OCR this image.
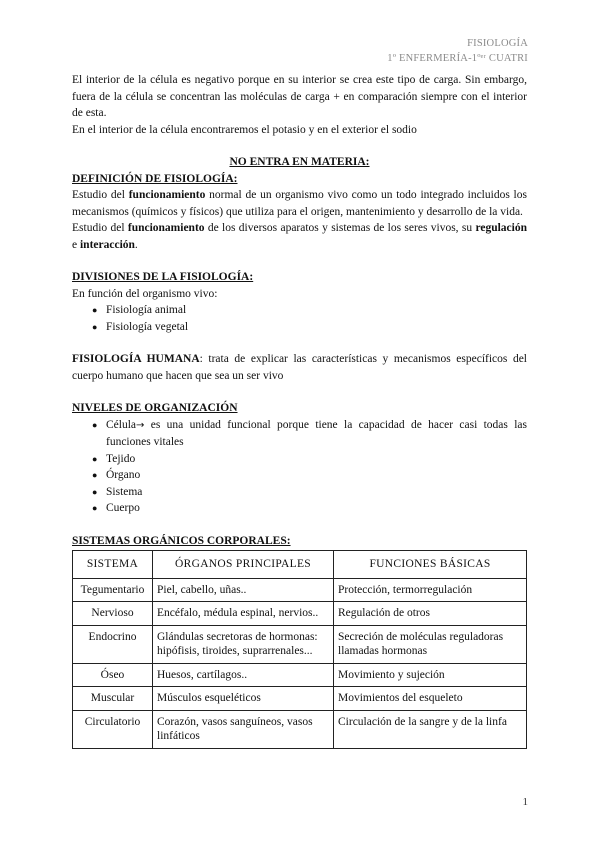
FISIOLOGÍA
1º ENFERMERÍA-1ºᵉʳ CUATRI

El interior de la célula es negativo porque en su interior se crea este tipo de carga. Sin embargo, fuera de la célula se concentran las moléculas de carga + en comparación siempre con el interior de esta.

En el interior de la célula encontraremos el potasio y en el exterior el sodio

NO ENTRA EN MATERIA:
DEFINICIÓN DE FISIOLOGÍA:

Estudio del funcionamiento normal de un organismo vivo como un todo integrado incluidos los mecanismos (químicos y físicos) que utiliza para el origen, mantenimiento y desarrollo de la vida.

Estudio del funcionamiento de los diversos aparatos y sistemas de los seres vivos, su regulación e interacción.

DIVISIONES DE LA FISIOLOGÍA:

En función del organismo vivo:

● Fisiología animal
● Fisiología vegetal

FISIOLOGÍA HUMANA: trata de explicar las características y mecanismos específicos del cuerpo humano que hacen que sea un ser vivo

NIVELES DE ORGANIZACIÓN
● Célula→ es una unidad funcional porque tiene la capacidad de hacer casi todas las funciones vitales
● Tejido
● Órgano
● Sistema
● Cuerpo
SISTEMAS ORGÁNICOS CORPORALES:
SISTEMA	ÓRGANOS PRINCIPALES	FUNCIONES BÁSICAS
Tegumentario	Piel, cabello, uñas..	Protección, termorregulación
Nervioso	Encéfalo, médula espinal, nervios..	Regulación de otros
Endocrino	Glándulas secretoras de hormonas: hipófisis, tiroides, suprarrenales...	Secreción de moléculas reguladoras llamadas hormonas
Óseo	Huesos, cartílagos..	Movimiento y sujeción
Muscular	Músculos esqueléticos	Movimientos del esqueleto
Circulatorio	Corazón, vasos sanguíneos, vasos linfáticos	Circulación de la sangre y de la linfa
1
